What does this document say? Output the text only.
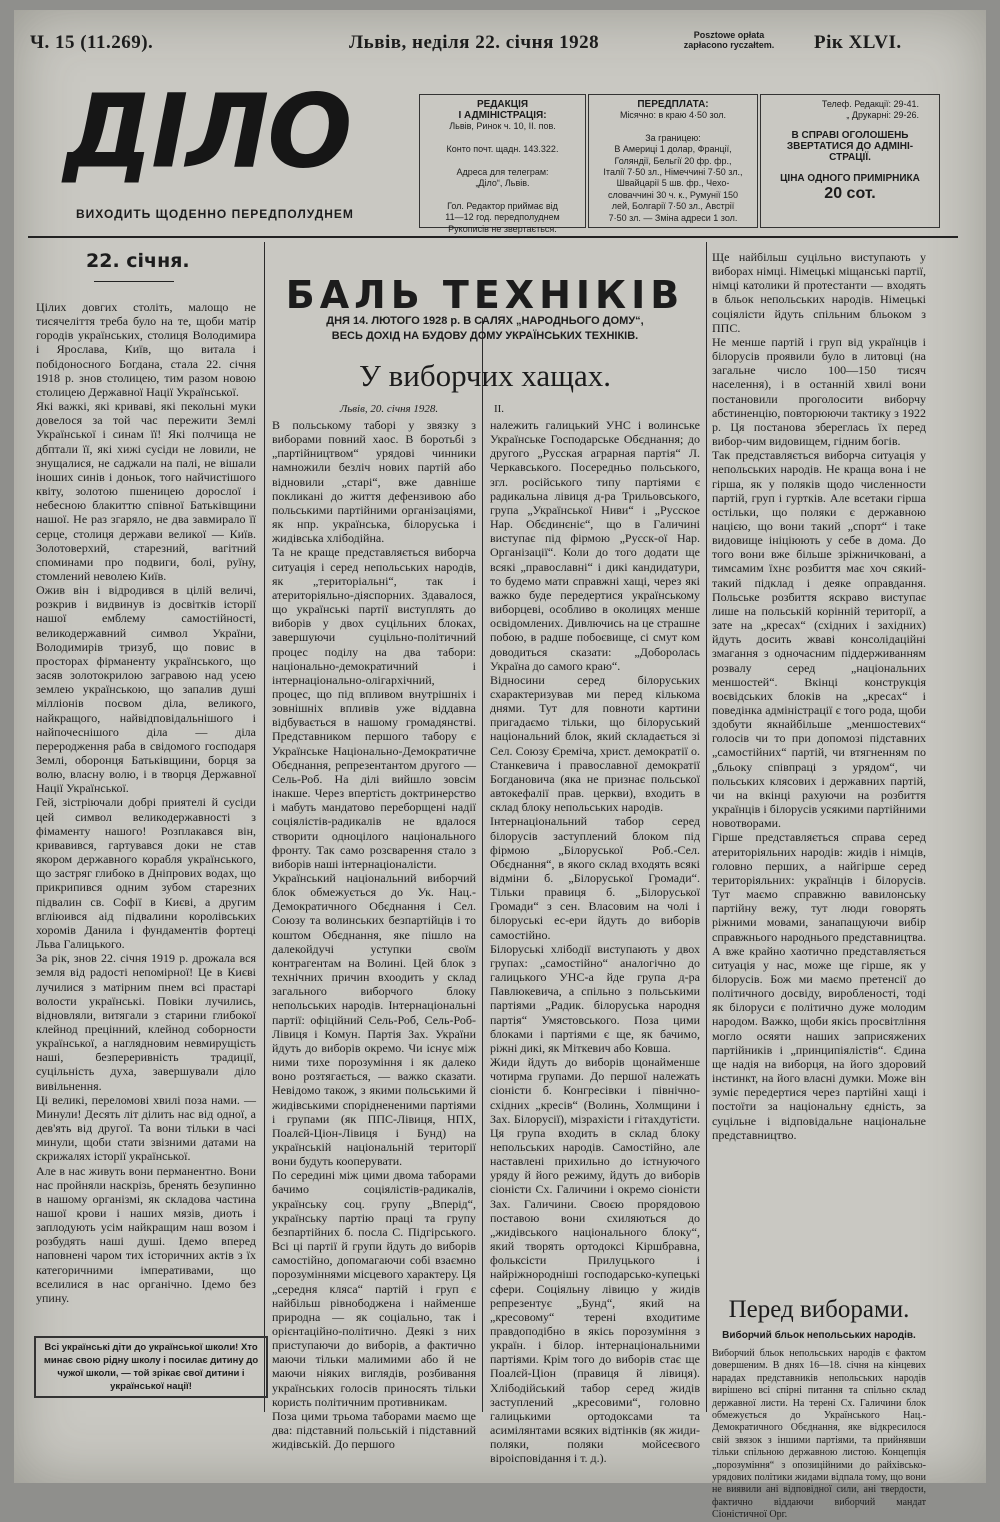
Ч. 15 (11.269).	Львів, неділя 22. січня 1928	Posztowe opłata
zapłacono ryczałtem.	Рік XLVI.
ДІЛО
ВИХОДИТЬ ЩОДЕННО ПЕРЕДПОЛУДНЕМ
РЕДАКЦІЯ
І АДМІНІСТРАЦІЯ:
Львів, Ринок ч. 10, II. пов.

Конто почт. щадн. 143.322.

Адреса для телеграм:
„Діло“, Львів.

Гол. Редактор приймає від
11—12 год. передполуднем
Рукописів не звертається.
ПЕРЕДПЛАТА:
Місячно: в краю 4·50 зол.

За границею:
В Америці 1 долар, Франції,
Голяндії, Бельгії 20 фр. фр.,
Італії 7·50 зл., Німеччині 7·50 зл.,
Швайцарії 5 шв. фр., Чехо-
словаччині 30 ч. к., Румунії 150
лей, Болгарії 7·50 зл., Австрії
7·50 зл. — Зміна адреси 1 зол.
Телеф. Редакції: 29-41.
„ Друкарні: 29-26.
В СПРАВІ ОГОЛОШЕНЬ
ЗВЕРТАТИСЯ ДО АДМІНІ-
СТРАЦІЇ.
ЦІНА ОДНОГО ПРИМІРНИКА
20 сот.
22. січня.
Цілих довгих століть, малощо не тисячеліття треба було на те, щоби матір городів українських, столиця Володимира і Ярослава, Київ, що витала і побідоносного Богдана, стала 22. січня 1918 р. знов столицею, тим разом новою столицею Державної Нації Української.
Які важкі, які криваві, які пекольні муки довелося за той час пережити Землі Української і синам її! Які полчища не дбптали її, які хижі сусіди не ловили, не знущалися, не саджали на палі, не вішали іноших синів і доньок, того найчистішого квіту, золотою пшеницею дорослої і небесною блакиттю співної Батьківщини нашої. Не раз згаряло, не два завмирало її серце, столиця держави великої — Київ. Золотоверхий, старезний, вагітний споминами про подвиги, болі, руїну, стомлений неволею Київ.
Ожив він і відродився в цілій величі, розкрив і видвинув із досвітків історії нашої емблему самостійності, великодержавний символ України, Володимирів тризуб, що повис в просторах фірманенту українського, що засяв золотокрилою загравою над усею землею українською, що запалив душі мілліонів посвом діла, великого, найкращого, найвідповідальнішого і найпочеснішого діла — діла переродження раба в свідомого господаря Землі, оборонця Батьківщини, борця за волю, власну волю, і в творця Державної Нації Української.
Гей, зістріючали добрі приятелі й сусіди цей символ великодержавності з фімаменту нашого! Розплакався він, кривавився, гартувався доки не став якором державного корабля українського, що застряг глибоко в Дніпрових водах, що прикрипився одним зубом старезних підвалин св. Софії в Києві, а другим вгліюився аід підвалини королівських хоромів Данила і фундаментів фортеці Льва Галицького.
За рік, знов 22. січня 1919 р. дрожала вся земля від радості непомірної! Це в Києві лучилися з матірним пнем всі прастарі волости українські. Повіки лучились, відновляли, витягали з старини глибокої клейнод прецінний, клейнод соборности української, а наглядновим невмирущість наші, безпереривність традиції, суцільність духа, завершували діло вивільнення.
Ці великі, переломові хвилі поза нами. — Минули! Десять літ ділить нас від одної, а дев'ять від другої. Та вони тільки в часі минули, щоби стати звізними датами на скрижалях історії української.
Але в нас живуть вони перманентно. Вони нас пройняли наскрізь, бренять безупинно в нашому організмі, як складова частина нашої крови і наших мязів, диоть і заплодують усім найкращим наш возом і розбудять наші душі. Ідемо вперед наповнені чаром тих історичних актів з їх категоричними імперативами, що вселилися в нас органічно. Ідемо без упину.
Всі українські діти до української школи! Хто минає свою рідну школу і посилає дитину до чужої школи, — той зрікає свої дитини і української нації!
БАЛЬ ТЕХНІКІВ
ДНЯ 14. ЛЮТОГО 1928 р. В САЛЯХ „НАРОДНЬОГО ДОМУ“,
ВЕСЬ ДОХІД НА БУДОВУ ДОМУ УКРАЇНСЬКИХ ТЕХНІКІВ.
У виборчих хащах.
Львів, 20. січня 1928.	II.
В польському таборі у звязку з виборами повний хаос. В боротьбі з „партійництвом“ урядові чинники намножили безліч нових партій або відновили „старі“, вже давніше покликані до життя дефензивою або польськими партійними організаціями, як нпр. українська, білоруська і жидівська хлібодійна.
Та не краще представляється виборча ситуація і серед непольських народів, як „територіальні“, так і атериторіяльно-діяспорних. Здавалося, що українські партії виступлять до виборів у двох суцільних блоках, завершуючи суцільно-політичний процес поділу на два табори: національно-демократичний і інтернаціонально-олігархічний, процес, що під впливом внутрішніх і зовнішніх впливів уже віддавна відбувається в нашому громадянстві. Представником першого табору є Українське Національно-Демократичне Обєднання, репрезентантом другого — Сель-Роб. На ділі вийшло зовсім інакше. Через впертість доктринерство і мабуть мандатово переборщені надії соціялістів-радикалів не вдалося створити одноцілого національного фронту. Так само розсварення стало з виборів наші інтернаціоналісти.
Український національний виборчий блок обмежується до Ук. Нац.-Демократичного Обєднання і Сел. Союзу та волинських безпартійців і то коштом Обєднання, яке пішло на далекойдучі уступки своїм контрагентам на Волині. Цей блок з технічних причин вхоодить у склад загального виборчого блоку непольських народів. Інтернаціональні партії: офіційний Сель-Роб, Сель-Роб-Лівиця і Комун. Партія Зах. України йдуть до виборів окремо. Чи існує між ними тихе порозуміння і як далеко воно розтягається, — важко сказати. Невідомо також, з якими польськими й жидівськими споріднененими партіями і групами (як ППС-Лівиця, НПХ, Поалєй-Ціон-Лівиця і Бунд) на українській національній території вони будуть кооперувати.
По середині між цими двома таборами бачимо соціялістів-радикалів, українську соц. групу „Вперід“, українську партію праці та групу безпартійних б. посла С. Підгірського. Всі ці партії й групи йдуть до виборів самостійно, допомагаючи собі взаємно порозуміннями місцевого характеру. Ця „середня кляса“ партій і груп є найбільш рівнободжена і найменше природна — як соціально, так і орієнтаційно-політично. Деякі з них приступаючи до виборів, а фактично маючи тільки малимими або й не маючи ніяких виглядів, розбивання українських голосів приносять тільки користь політичним противникам.
Поза цими трьома таборами маємо ще два: підставний польській і підставний жидівській. До першого
належить галицький УНС і волинське Українське Господарське Обєднання; до другого „Русская аграрная партія“ Л. Черкавського. Посередньо польського, згл. російського типу партіями є радикальна лівиця д-ра Трильовського, група „Української Ниви“ і „Русское Нар. Обєдинєніє“, що в Галичині виступає під фірмою „Русск-ої Нар. Організації“. Коли до того додати ще всякі „православні“ і дикі кандидатури, то будемо мати справжні хащі, через які важко буде передертися українському виборцеві, особливо в околицях менше освідомлених. Дивлючись на це страшне побою, в радше побоєвище, сі смут ком доводиться сказати: „Доборолась Україна до самого краю“.
Відносини серед білоруських схарактеризував ми перед кількома днями. Тут для повноти картини пригадаємо тільки, що білоруський національний блок, який складається зі Сел. Союзу Єреміча, христ. демократії о. Станкевича і православної демократії Богдановича (яка не признає польської автокефалії прав. церкви), входить в склад блоку непольських народів.
Інтернаціональний табор серед білорусів заступлений блоком під фірмою „Білоруської Роб.-Сел. Обєднання“, в якого склад входять всякі відміни б. „Білоруської Громади“. Тільки правиця б. „Білоруської Громади“ з сен. Власовим на чолі і білоруські ес-ери йдуть до виборів самостійно.
Білоруські хлібодії виступають у двох групах: „самостійно“ аналогічно до галицького УНС-а йде група д-ра Павлюкевича, а спільно з польськими партіями „Радик. білоруська народня партія“ Умястовського. Поза цими блоками і партіями є ще, як бачимо, ріжні дикі, як Міткевич або Ковша.
Жиди йдуть до виборів щонайменше чотирма групами. До першої належать сіоністи б. Конгресівки і північно-східних „кресів“ (Волинь, Холмщини і Зах. Білорусії), мізрахісти і гітахдутісти. Ця група входить в склад блоку непольських народів. Самостійно, але наставлені прихильно до істнуючого уряду й його режиму, йдуть до виборів сіоністи Сх. Галичини і окремо сіоністи Зах. Галичини. Своєю прорядовою поставою вони схиляються до „жидівського національного блоку“, який творять ортодоксі Кіршбравна, фольксісти Прилуцького і найріжнородніші господарсько-купецькі сфери. Соціяльну лівицю у жидів репрезентує „Бунд“, який на „кресовому“ терені входитиме правдоподібно в якісь порозуміння з україн. і білор. інтернаціональними партіями. Крім того до виборів стає ще Поалєй-Ціон (правиця й лівиця). Хлібодійський табор серед жидів заступлений „кресовими“, головно галицькими ортодоксами та асимілянтами всяких відтінків (як жиди-поляки, поляки мойсеєвого віроісповідання і т. д.).
Ще найбільш суцільно виступають у виборах німці. Німецькі міщанські партії, німці католики й протестанти — входять в бльок непольських народів. Німецькі соціялісти йдуть спільним бльоком з ППС.
Не менше партій і груп від українців і білорусів проявили було в литовці (на загальне число 100—150 тисяч населення), і в останній хвилі вони постановили проголосити виборчу абстиненцію, повторюючи тактику з 1922 р. Ця постанова збереглась їх перед вибор-чим видовищем, гідним богів.
Так представляється виборча ситуація у непольських народів. Не краща вона і не гірша, як у поляків щодо численности партій, груп і гуртків. Але всетаки гірша остільки, що поляки є державною нацією, що вони такий „спорт“ і таке видовище ініціюють у себе в дома. До того вони вже більше зріжничковані, а тимсамим їхнє розбиття має хоч сякий-такий підклад і деяке оправдання. Польське розбиття яскраво виступає лише на польській корінній території, а зате на „кресах“ (східних і західних) йдуть досить жваві консолідаційні змагання з одночасним піддерживанням розвалу серед „національних меншостей“. Вкінці конструкція воєвідських блоків на „кресах“ і поведінка адміністрації є того рода, щоби здобути якнайбільше „меншостевих“ голосів чи то при допомозі підставних „самостійних“ партій, чи втягненням по „бльоку співпраці з урядом“, чи польських клясових і державних партій, чи на вкінці рахуючи на розбиття українців і білорусів усякими партійними новотворами.
Гірше представляється справа серед атериторіяльних народів: жидів і німців, головно перших, а найгірше серед територіяльних: українців і білорусів. Тут маємо справжню вавилонську партійну вежу, тут люди говорять ріжними мовами, занапащуючи вибір справжнього народнього представництва. А вже крайно хаотично представляється ситуація у нас, може ще гірше, як у білорусів. Бож ми маємо претенсії до політичного досвіду, виробленості, тоді як білоруси є політично дуже молодим народом. Важко, щоби якісь просвітління могло осяяти наших заприсяжених партійників і „принципіялістів“. Єдина ще надія на виборця, на його здоровий інстинкт, на його власні думки. Може він зуміє передертися через партійні хащі і постоїти за національну єдність, за суцільне і відповідальне національне представництво.
Перед виборами.
Виборчий бльок непольських народів.
Виборчий бльок непольських народів є фактом довершеним. В днях 16—18. січня на кінцевих нарадах представників непольських народів вирішено всі спірні питання та спільно склад державної листи. На терені Сх. Галичини блок обмежується до Українського Нац.-Демократичного Обєднання, яке відкресилося свій звязок з іншими партіями, та прийнявши тільки спільною державною листою. Концепція „порозуміння“ з опозиційними до райхівсько-урядових політики жидами відпала тому, що вони не виявили ані відповідної сили, ані твердости, фактично віддаючи виборчий мандат Сіоністичної Орг.
